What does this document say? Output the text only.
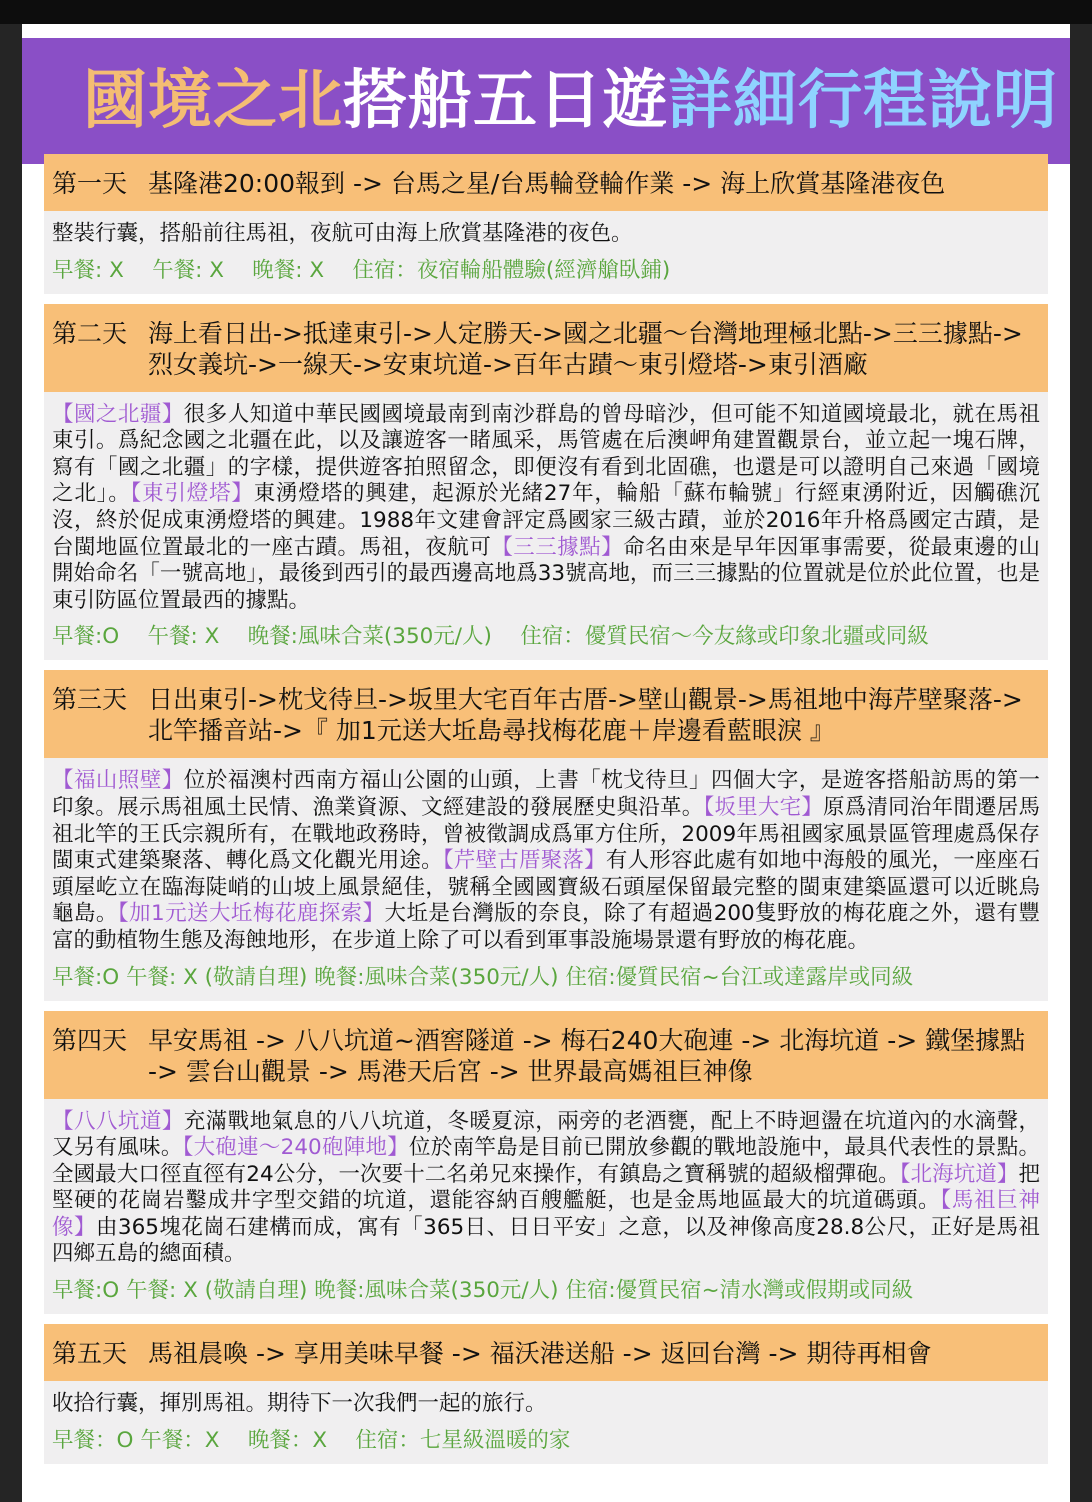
國境之北 搭船五日遊 詳細行程說明
第一天 基隆港20:00報到 -> 台馬之星/台馬輪登輪作業 -> 海上欣賞基隆港夜色
整裝行囊，搭船前往馬祖，夜航可由海上欣賞基隆港的夜色。
早餐: X　 午餐: X　 晚餐: X　 住宿：夜宿輪船體驗(經濟艙臥鋪)
第二天 海上看日出->抵達東引->人定勝天->國之北疆～台灣地理極北點->三三據點->烈女義坑->一線天->安東坑道->百年古蹟～東引燈塔->東引酒廠
【國之北疆】很多人知道中華民國國境最南到南沙群島的曾母暗沙，但可能不知道國境最北，就在馬祖東引。爲紀念國之北疆在此，以及讓遊客一睹風采，馬管處在后澳岬角建置觀景台，並立起一塊石牌，寫有「國之北疆」的字樣，提供遊客拍照留念，即便沒有看到北固礁，也還是可以證明自己來過「國境之北」。【東引燈塔】東湧燈塔的興建，起源於光緒27年，輪船「蘇布輪號」行經東湧附近，因觸礁沉沒，終於促成東湧燈塔的興建。1988年文建會評定爲國家三級古蹟，並於2016年升格爲國定古蹟，是台閩地區位置最北的一座古蹟。馬祖，夜航可【三三據點】命名由來是早年因軍事需要，從最東邊的山開始命名「一號高地」，最後到西引的最西邊高地爲33號高地，而三三據點的位置就是位於此位置，也是東引防區位置最西的據點。
早餐:O　 午餐: X　 晚餐:風味合菜(350元/人)　 住宿：優質民宿～今友緣或印象北疆或同級
第三天 日出東引->枕戈待旦->坂里大宅百年古厝->壁山觀景->馬祖地中海芹壁聚落->北竿播音站->『 加1元送大坵島尋找梅花鹿＋岸邊看藍眼淚 』
【福山照壁】位於福澳村西南方福山公園的山頭，上書「枕戈待旦」四個大字，是遊客搭船訪馬的第一印象。展示馬祖風土民情、漁業資源、文經建設的發展歷史與沿革。【坂里大宅】原爲清同治年間遷居馬祖北竿的王氏宗親所有，在戰地政務時，曾被徵調成爲軍方住所，2009年馬祖國家風景區管理處爲保存閩東式建築聚落、轉化爲文化觀光用途。【芹壁古厝聚落】有人形容此處有如地中海般的風光，一座座石頭屋屹立在臨海陡峭的山坡上風景絕佳，號稱全國國寶級石頭屋保留最完整的閩東建築區還可以近眺烏龜島。【加1元送大坵梅花鹿探索】大坵是台灣版的奈良，除了有超過200隻野放的梅花鹿之外，還有豐富的動植物生態及海蝕地形，在步道上除了可以看到軍事設施場景還有野放的梅花鹿。
早餐:O 午餐: X (敬請自理) 晚餐:風味合菜(350元/人) 住宿:優質民宿~台江或達露岸或同級
第四天 早安馬祖 -> 八八坑道~酒窖隧道 -> 梅石240大砲連 -> 北海坑道 -> 鐵堡據點 -> 雲台山觀景 -> 馬港天后宮 -> 世界最高媽祖巨神像
【八八坑道】充滿戰地氣息的八八坑道，冬暖夏涼，兩旁的老酒甕，配上不時迴盪在坑道內的水滴聲，又另有風味。【大砲連～240砲陣地】位於南竿島是目前已開放參觀的戰地設施中，最具代表性的景點。全國最大口徑直徑有24公分，一次要十二名弟兄來操作，有鎮島之寶稱號的超級榴彈砲。【北海坑道】把堅硬的花崗岩鑿成井字型交錯的坑道，還能容納百艘艦艇，也是金馬地區最大的坑道碼頭。【馬祖巨神像】由365塊花崗石建構而成，寓有「365日、日日平安」之意，以及神像高度28.8公尺，正好是馬祖四鄉五島的總面積。
早餐:O 午餐: X (敬請自理) 晚餐:風味合菜(350元/人) 住宿:優質民宿~清水灣或假期或同級
第五天 馬祖晨喚 -> 享用美味早餐 -> 福沃港送船 -> 返回台灣 -> 期待再相會
收拾行囊，揮別馬祖。期待下一次我們一起的旅行。
早餐：O 午餐：X　 晚餐：X　 住宿：七星級溫暖的家
